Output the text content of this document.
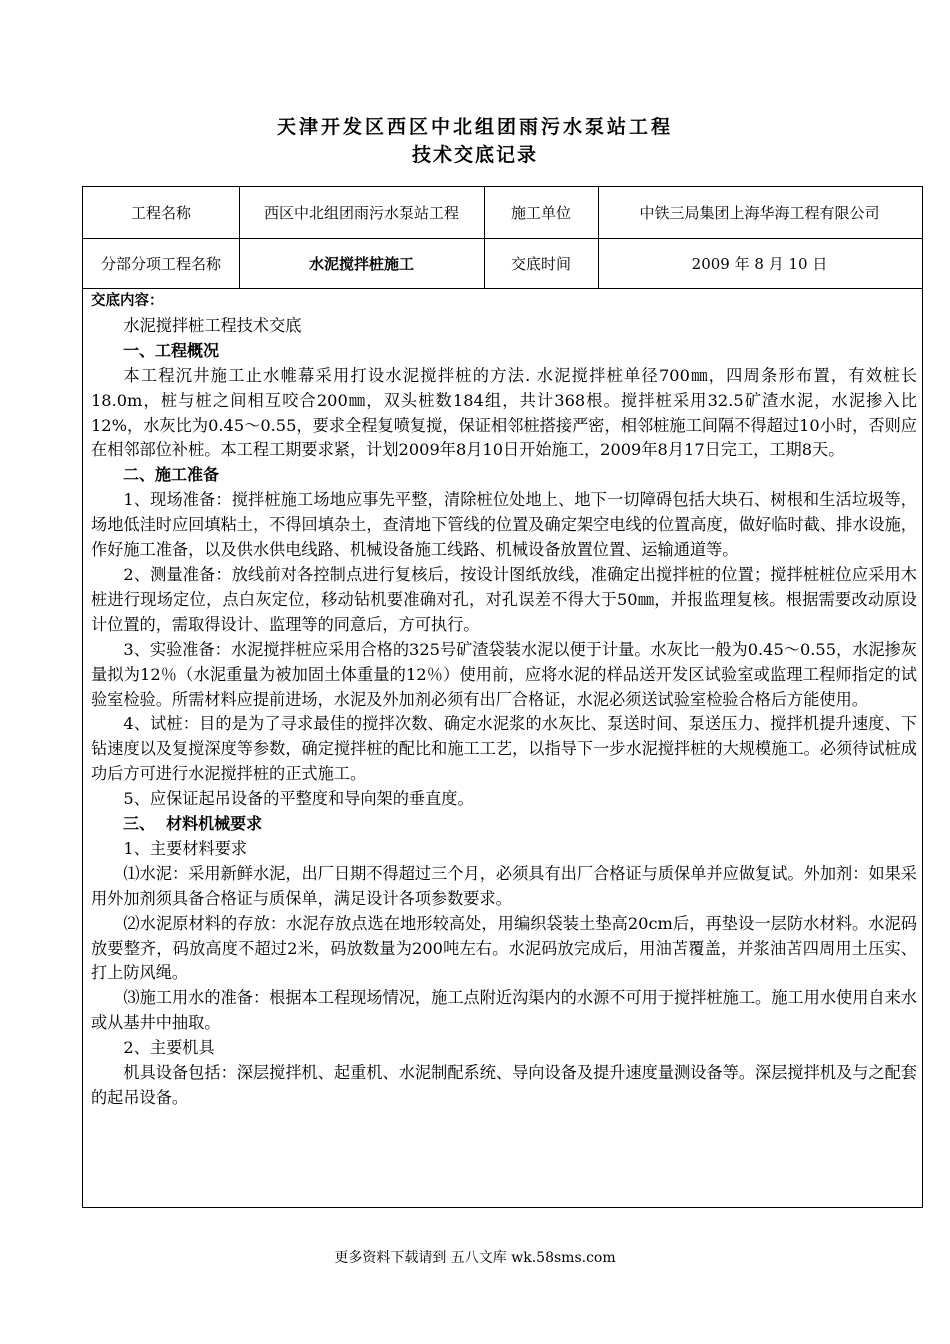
天津开发区西区中北组团雨污水泵站工程
技术交底记录
工程名称	西区中北组团雨污水泵站工程	施工单位	中铁三局集团上海华海工程有限公司
分部分项工程名称	水泥搅拌桩施工	交底时间	2009 年 8 月 10 日

交底内容：

水泥搅拌桩工程技术交底

一、工程概况

本工程沉井施工止水帷幕采用打设水泥搅拌桩的方法. 水泥搅拌桩单径700㎜，四周条形布置，有效桩长18.0m，桩与桩之间相互咬合200㎜，双头桩数184组，共计368根。搅拌桩采用32.5矿渣水泥，水泥掺入比12%，水灰比为0.45～0.55，要求全程复喷复搅，保证相邻桩搭接严密，相邻桩施工间隔不得超过10小时，否则应在相邻部位补桩。本工程工期要求紧，计划2009年8月10日开始施工，2009年8月17日完工，工期8天。

二、施工准备

1、现场准备：搅拌桩施工场地应事先平整，清除桩位处地上、地下一切障碍包括大块石、树根和生活垃圾等，场地低洼时应回填粘土，不得回填杂土，查清地下管线的位置及确定架空电线的位置高度，做好临时截、排水设施，作好施工准备，以及供水供电线路、机械设备施工线路、机械设备放置位置、运输通道等。

2、测量准备：放线前对各控制点进行复核后，按设计图纸放线，准确定出搅拌桩的位置；搅拌桩桩位应采用木桩进行现场定位，点白灰定位，移动钻机要准确对孔，对孔误差不得大于50㎜，并报监理复核。根据需要改动原设计位置的，需取得设计、监理等的同意后，方可执行。

3、实验准备：水泥搅拌桩应采用合格的325号矿渣袋装水泥以便于计量。水灰比一般为0.45～0.55，水泥掺灰量拟为12％（水泥重量为被加固土体重量的12％）使用前，应将水泥的样品送开发区试验室或监理工程师指定的试验室检验。所需材料应提前进场，水泥及外加剂必须有出厂合格证，水泥必须送试验室检验合格后方能使用。

4、试桩：目的是为了寻求最佳的搅拌次数、确定水泥浆的水灰比、泵送时间、泵送压力、搅拌机提升速度、下钻速度以及复搅深度等参数，确定搅拌桩的配比和施工工艺，以指导下一步水泥搅拌桩的大规模施工。必须待试桩成功后方可进行水泥搅拌桩的正式施工。

5、应保证起吊设备的平整度和导向架的垂直度。

三、  材料机械要求

1、主要材料要求

⑴水泥：采用新鲜水泥，出厂日期不得超过三个月，必须具有出厂合格证与质保单并应做复试。外加剂：如果采用外加剂须具备合格证与质保单，满足设计各项参数要求。

⑵水泥原材料的存放：水泥存放点选在地形较高处，用编织袋装土垫高20cm后，再垫设一层防水材料。水泥码放要整齐，码放高度不超过2米，码放数量为200吨左右。水泥码放完成后，用油苫覆盖，并浆油苫四周用土压实、打上防风绳。

⑶施工用水的准备：根据本工程现场情况，施工点附近沟渠内的水源不可用于搅拌桩施工。施工用水使用自来水或从基井中抽取。

2、主要机具

机具设备包括：深层搅拌机、起重机、水泥制配系统、导向设备及提升速度量测设备等。深层搅拌机及与之配套的起吊设备。

更多资料下载请到 五八文库 wk.58sms.com
